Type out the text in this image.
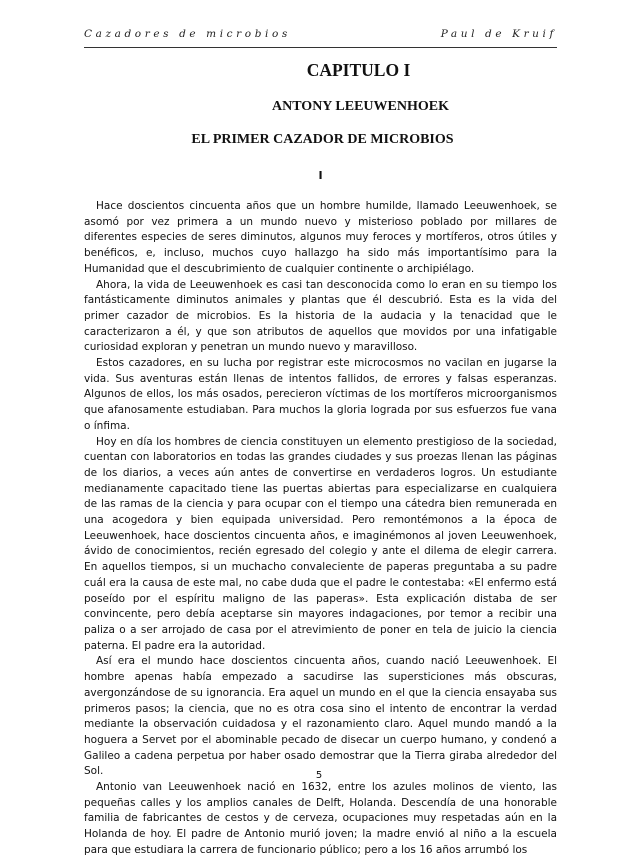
Cazadores de microbios	Paul de Kruif
CAPITULO I
ANTONY LEEUWENHOEK
EL PRIMER CAZADOR DE MICROBIOS
I

Hace doscientos cincuenta años que un hombre humilde, llamado Leeuwenhoek, se asomó por vez primera a un mundo nuevo y misterioso poblado por millares de diferentes especies de seres diminutos, algunos muy feroces y mortíferos, otros útiles y benéficos, e, incluso, muchos cuyo hallazgo ha sido más importantísimo para la Humanidad que el descubrimiento de cualquier continente o archipiélago.

Ahora, la vida de Leeuwenhoek es casi tan desconocida como lo eran en su tiempo los fantásticamente diminutos animales y plantas que él descubrió. Esta es la vida del primer cazador de microbios. Es la historia de la audacia y la tenacidad que le caracterizaron a él, y que son atributos de aquellos que movidos por una infatigable curiosidad exploran y penetran un mundo nuevo y maravilloso.

Estos cazadores, en su lucha por registrar este microcosmos no vacilan en jugarse la vida. Sus aventuras están llenas de intentos fallidos, de errores y falsas esperanzas. Algunos de ellos, los más osados, perecieron víctimas de los mortíferos microorganismos que afanosamente estudiaban. Para muchos la gloria lograda por sus esfuerzos fue vana o ínfima.

Hoy en día los hombres de ciencia constituyen un elemento prestigioso de la sociedad, cuentan con laboratorios en todas las grandes ciudades y sus proezas llenan las páginas de los diarios, a veces aún antes de convertirse en verdaderos logros. Un estudiante medianamente capacitado tiene las puertas abiertas para especializarse en cualquiera de las ramas de la ciencia y para ocupar con el tiempo una cátedra bien remunerada en una acogedora y bien equipada universidad. Pero remontémonos a la época de Leeuwenhoek, hace doscientos cincuenta años, e imaginémonos al joven Leeuwenhoek, ávido de conocimientos, recién egresado del colegio y ante el dilema de elegir carrera. En aquellos tiempos, si un muchacho convaleciente de paperas preguntaba a su padre cuál era la causa de este mal, no cabe duda que el padre le contestaba: «El enfermo está poseído por el espíritu maligno de las paperas». Esta explicación distaba de ser convincente, pero debía aceptarse sin mayores indagaciones, por temor a recibir una paliza o a ser arrojado de casa por el atrevimiento de poner en tela de juicio la ciencia paterna. El padre era la autoridad.

Así era el mundo hace doscientos cincuenta años, cuando nació Leeuwenhoek. El hombre apenas había empezado a sacudirse las supersticiones más obscuras, avergonzándose de su ignorancia. Era aquel un mundo en el que la ciencia ensayaba sus primeros pasos; la ciencia, que no es otra cosa sino el intento de encontrar la verdad mediante la observación cuidadosa y el razonamiento claro. Aquel mundo mandó a la hoguera a Servet por el abominable pecado de disecar un cuerpo humano, y condenó a Galileo a cadena perpetua por haber osado demostrar que la Tierra giraba alrededor del Sol.

Antonio van Leeuwenhoek nació en 1632, entre los azules molinos de viento, las pequeñas calles y los amplios canales de Delft, Holanda. Descendía de una honorable familia de fabricantes de cestos y de cerveza, ocupaciones muy respetadas aún en la Holanda de hoy. El padre de Antonio murió joven; la madre envió al niño a la escuela para que estudiara la carrera de funcionario público; pero a los 16 años arrumbó los

5
